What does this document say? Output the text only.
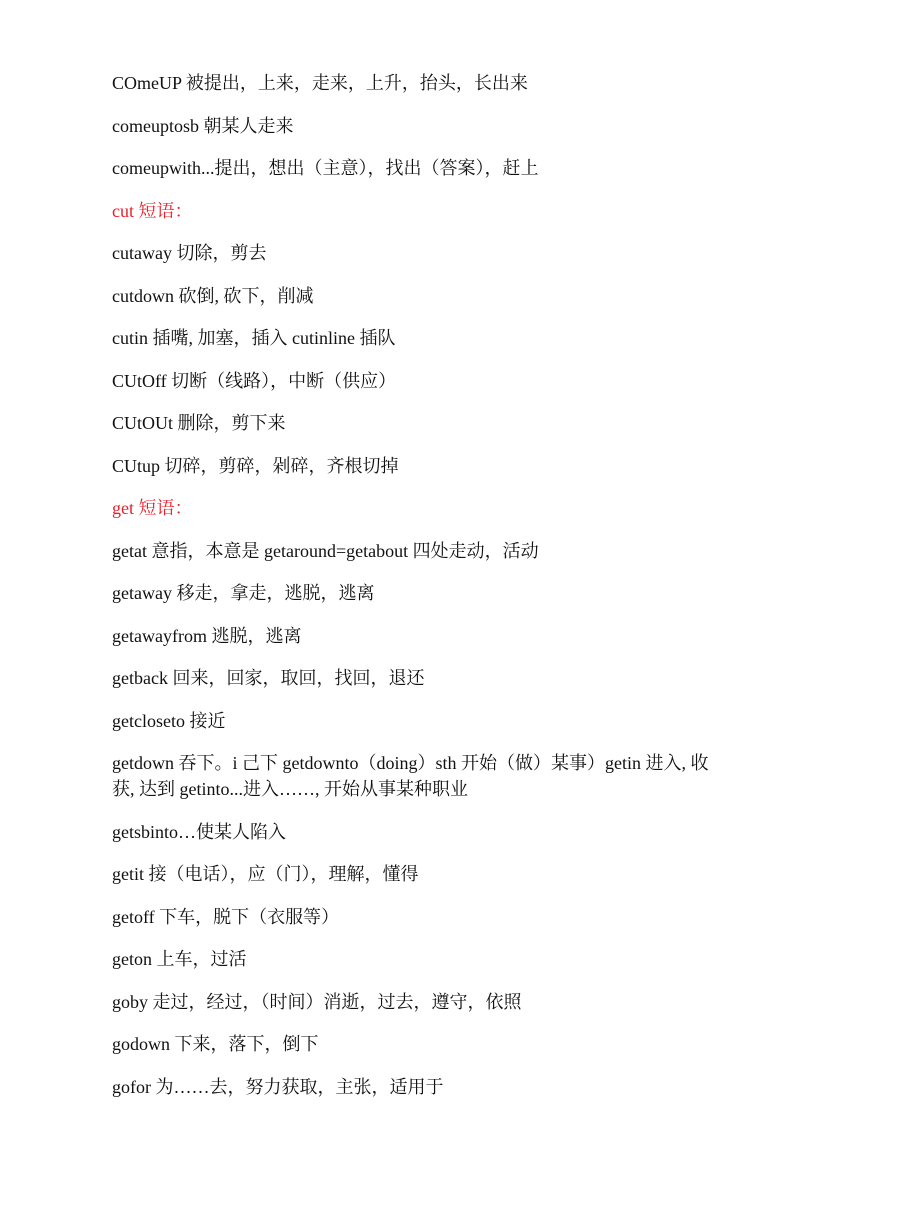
COmeUP 被提出，上来，走来，上升，抬头，长出来

comeuptosb 朝某人走来

comeupwith...提出，想出（主意），找出（答案），赶上

cut 短语：

cutaway 切除，剪去

cutdown 砍倒, 砍下，削减

cutin 插嘴, 加塞，插入 cutinline 插队

CUtOff 切断（线路），中断（供应）

CUtOUt 删除，剪下来

CUtup 切碎，剪碎，剁碎，齐根切掉

get 短语：

getat 意指，本意是 getaround=getabout 四处走动，活动

getaway 移走，拿走，逃脱，逃离

getawayfrom 逃脱，逃离

getback 回来，回家，取回，找回，退还

getcloseto 接近

getdown 吞下。i 己下 getdownto（doing）sth 开始（做）某事）getin 进入, 收获, 达到 getinto...进入……, 开始从事某种职业

getsbinto…使某人陷入

getit 接（电话），应（门），理解，懂得

getoff 下车，脱下（衣服等）

geton 上车，过活

goby 走过，经过，（时间）消逝，过去，遵守，依照

godown 下来，落下，倒下

gofor 为……去，努力获取，主张，适用于
